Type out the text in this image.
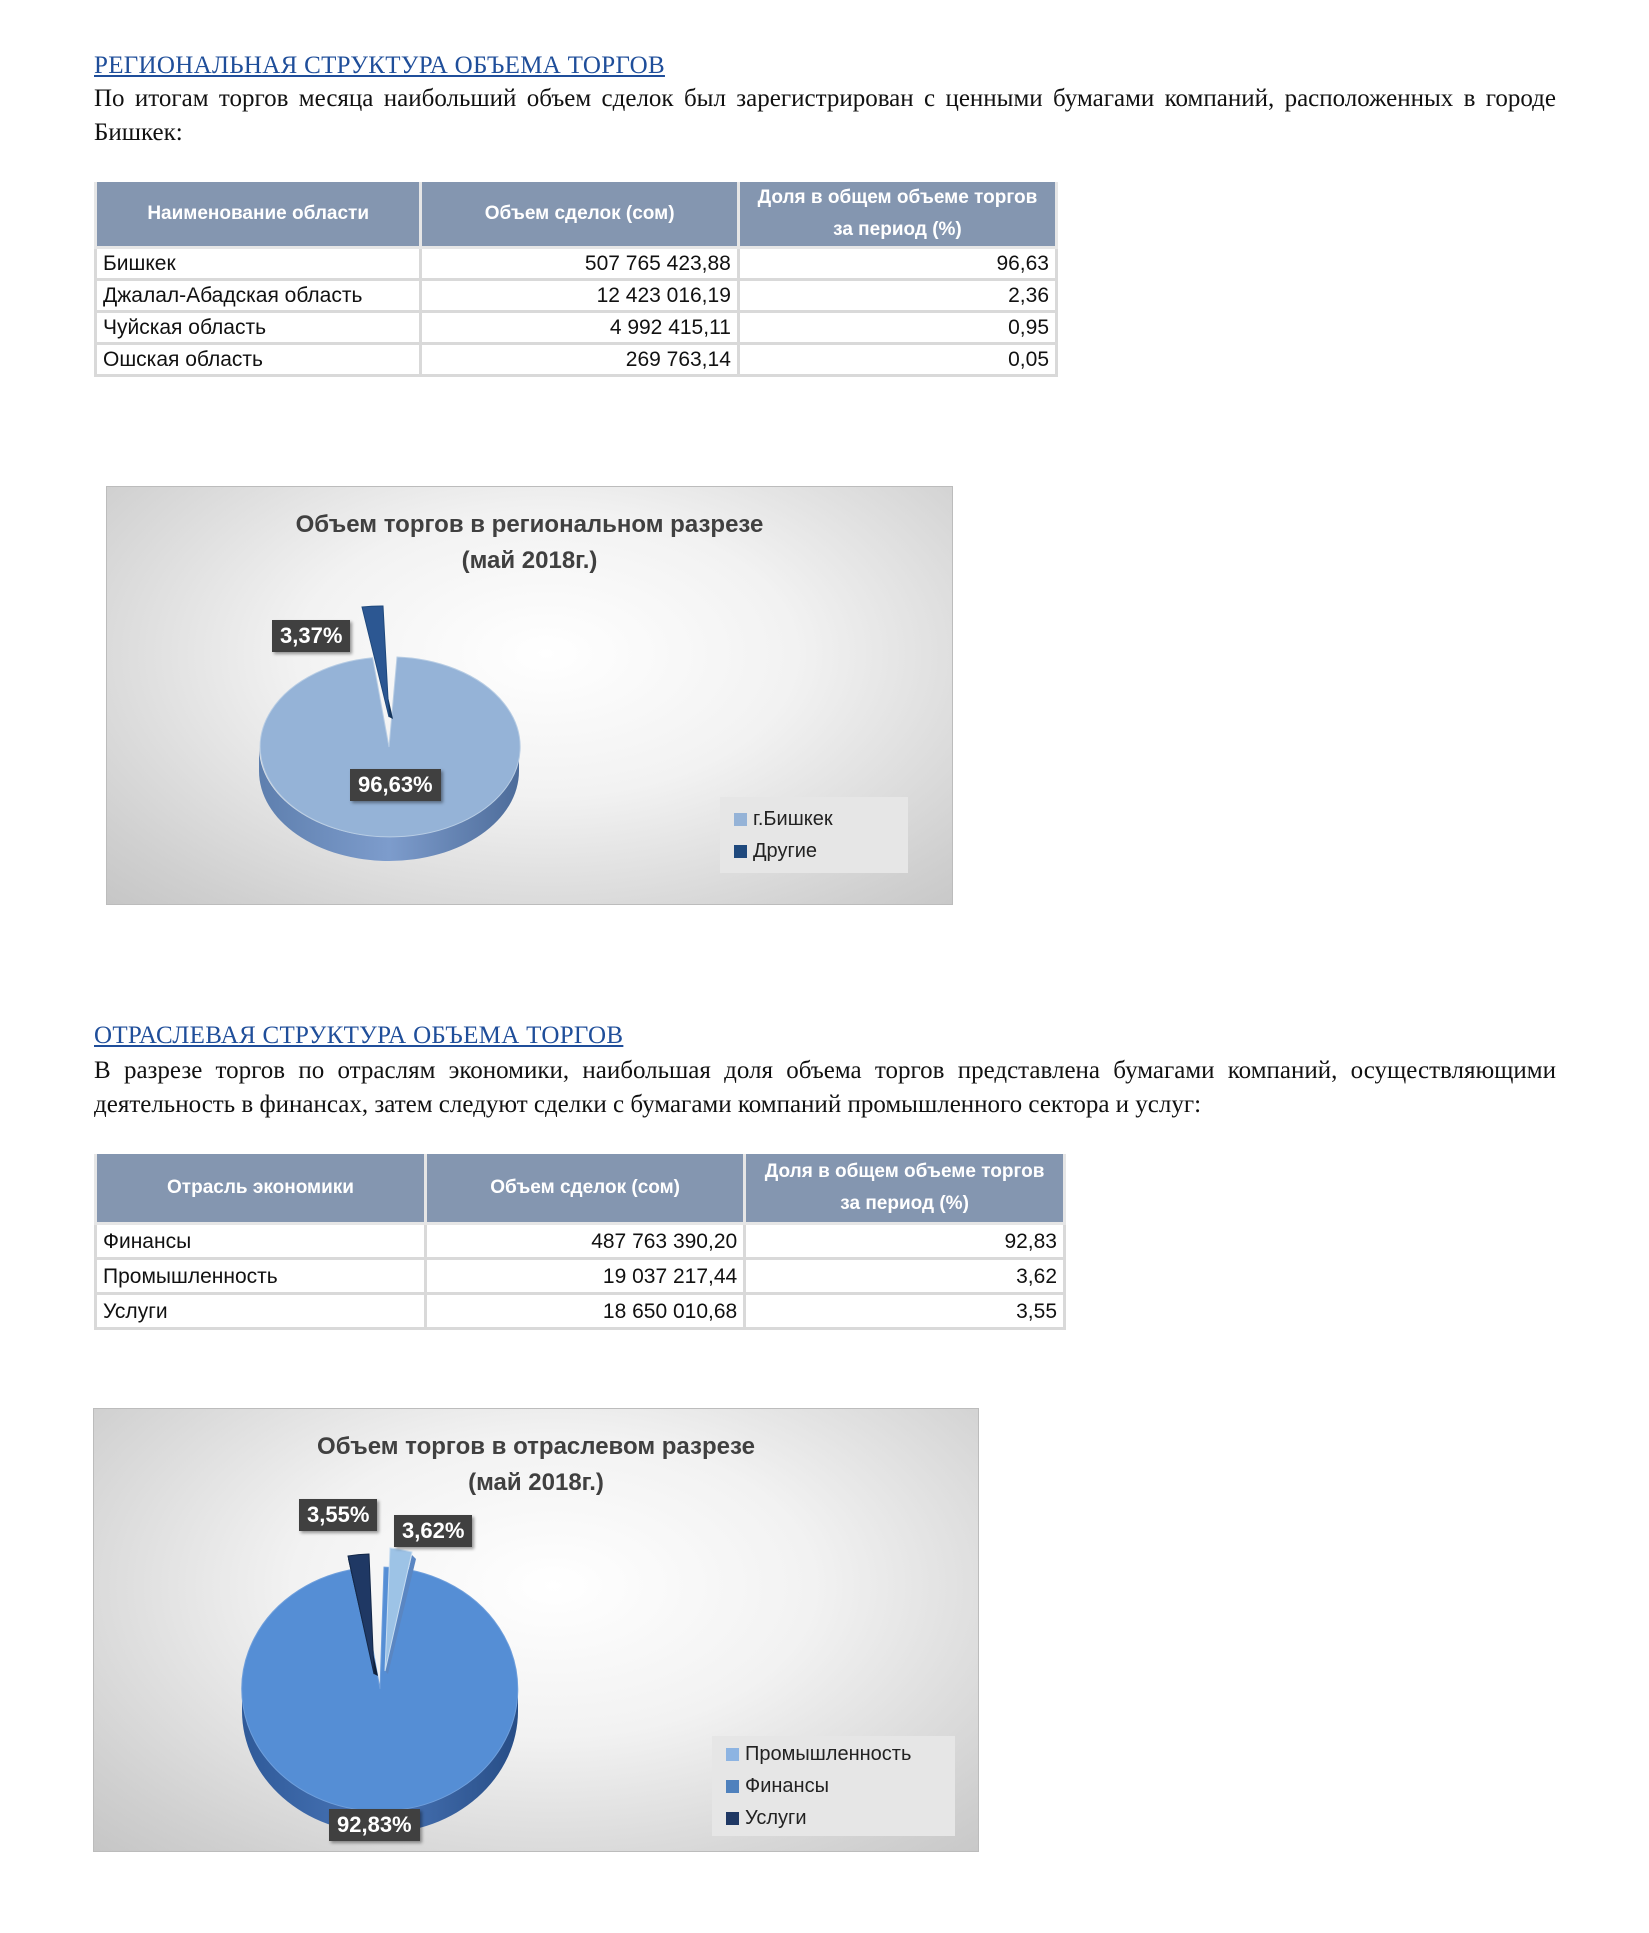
РЕГИОНАЛЬНАЯ СТРУКТУРА ОБЪЕМА ТОРГОВ
По итогам торгов месяца наибольший объем сделок был зарегистрирован с ценными бумагами компаний, расположенных в городе Бишкек:
Наименование области	Объем сделок (сом)	Доля в общем объеме торгов за период (%)
Бишкек	507 765 423,88	96,63
Джалал-Абадская область	12 423 016,19	2,36
Чуйская область	4 992 415,11	0,95
Ошская область	269 763,14	0,05
Объем торгов в региональном разрезе
(май 2018г.)
3,37%
96,63%
г.Бишкек
Другие
ОТРАСЛЕВАЯ СТРУКТУРА ОБЪЕМА ТОРГОВ
В разрезе торгов по отраслям экономики, наибольшая доля объема торгов представлена бумагами компаний, осуществляющими деятельность в финансах, затем следуют сделки с бумагами компаний промышленного сектора и услуг:
Отрасль экономики	Объем сделок (сом)	Доля в общем объеме торгов за период (%)
Финансы	487 763 390,20	92,83
Промышленность	19 037 217,44	3,62
Услуги	18 650 010,68	3,55
Объем торгов в отраслевом разрезе
(май 2018г.)
3,55%
3,62%
92,83%
Промышленность
Финансы
Услуги
